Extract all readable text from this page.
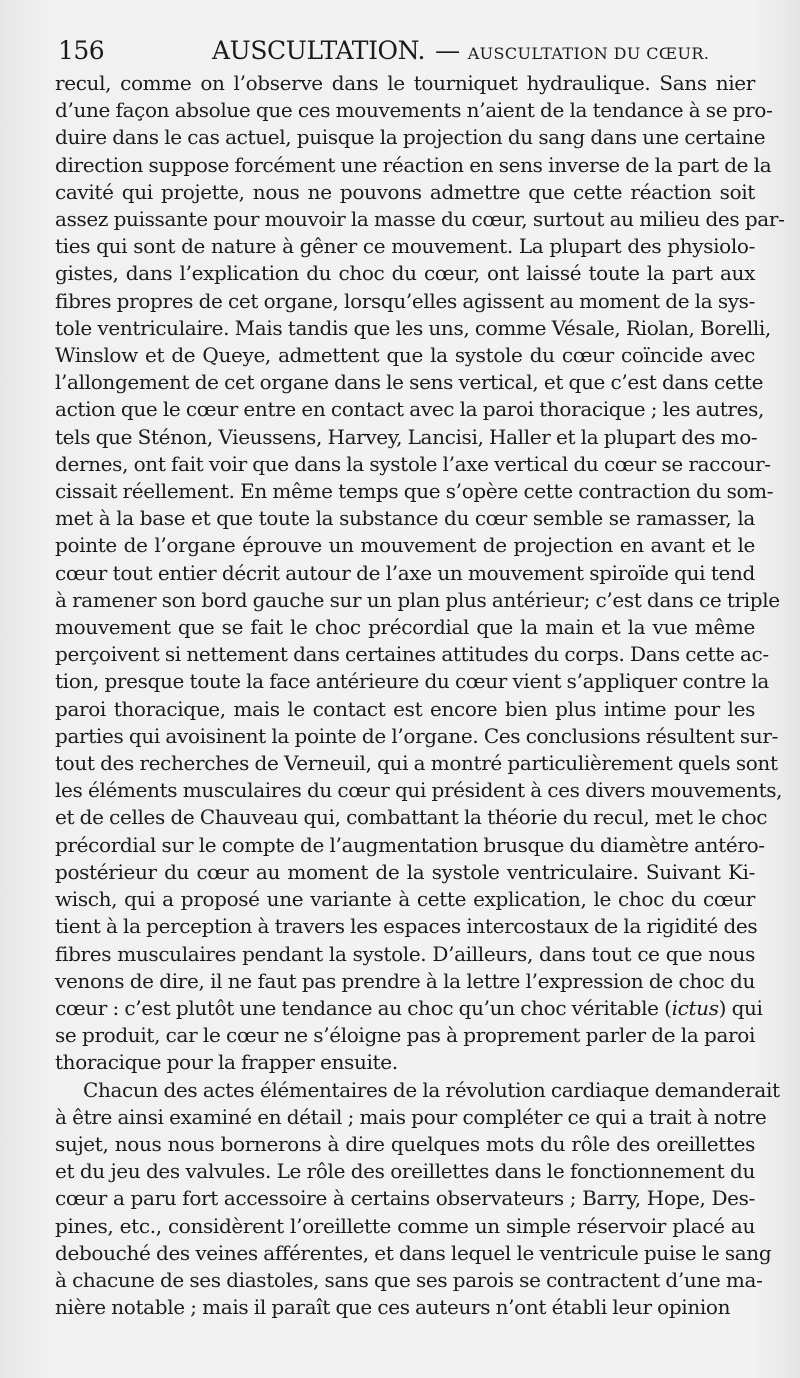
156	AUSCULTATION. — AUSCULTATION DU CŒUR.

recul, comme on l’observe dans le tourniquet hydraulique. Sans nier
d’une façon absolue que ces mouvements n’aient de la tendance à se pro-
duire dans le cas actuel, puisque la projection du sang dans une certaine
direction suppose forcément une réaction en sens inverse de la part de la
cavité qui projette, nous ne pouvons admettre que cette réaction soit
assez puissante pour mouvoir la masse du cœur, surtout au milieu des par-
ties qui sont de nature à gêner ce mouvement. La plupart des physiolo-
gistes, dans l’explication du choc du cœur, ont laissé toute la part aux
fibres propres de cet organe, lorsqu’elles agissent au moment de la sys-
tole ventriculaire. Mais tandis que les uns, comme Vésale, Riolan, Borelli,
Winslow et de Queye, admettent que la systole du cœur coïncide avec
l’allongement de cet organe dans le sens vertical, et que c’est dans cette
action que le cœur entre en contact avec la paroi thoracique ; les autres,
tels que Sténon, Vieussens, Harvey, Lancisi, Haller et la plupart des mo-
dernes, ont fait voir que dans la systole l’axe vertical du cœur se raccour-
cissait réellement. En même temps que s’opère cette contraction du som-
met à la base et que toute la substance du cœur semble se ramasser, la
pointe de l’organe éprouve un mouvement de projection en avant et le
cœur tout entier décrit autour de l’axe un mouvement spiroïde qui tend
à ramener son bord gauche sur un plan plus antérieur; c’est dans ce triple
mouvement que se fait le choc précordial que la main et la vue même
perçoivent si nettement dans certaines attitudes du corps. Dans cette ac-
tion, presque toute la face antérieure du cœur vient s’appliquer contre la
paroi thoracique, mais le contact est encore bien plus intime pour les
parties qui avoisinent la pointe de l’organe. Ces conclusions résultent sur-
tout des recherches de Verneuil, qui a montré particulièrement quels sont
les éléments musculaires du cœur qui président à ces divers mouvements,
et de celles de Chauveau qui, combattant la théorie du recul, met le choc
précordial sur le compte de l’augmentation brusque du diamètre antéro-
postérieur du cœur au moment de la systole ventriculaire. Suivant Ki-
wisch, qui a proposé une variante à cette explication, le choc du cœur
tient à la perception à travers les espaces intercostaux de la rigidité des
fibres musculaires pendant la systole. D’ailleurs, dans tout ce que nous
venons de dire, il ne faut pas prendre à la lettre l’expression de choc du
cœur : c’est plutôt une tendance au choc qu’un choc véritable (ictus) qui
se produit, car le cœur ne s’éloigne pas à proprement parler de la paroi
thoracique pour la frapper ensuite.

Chacun des actes élémentaires de la révolution cardiaque demanderait
à être ainsi examiné en détail ; mais pour compléter ce qui a trait à notre
sujet, nous nous bornerons à dire quelques mots du rôle des oreillettes
et du jeu des valvules. Le rôle des oreillettes dans le fonctionnement du
cœur a paru fort accessoire à certains observateurs ; Barry, Hope, Des-
pines, etc., considèrent l’oreillette comme un simple réservoir placé au
debouché des veines afférentes, et dans lequel le ventricule puise le sang
à chacune de ses diastoles, sans que ses parois se contractent d’une ma-
nière notable ; mais il paraît que ces auteurs n’ont établi leur opinion
